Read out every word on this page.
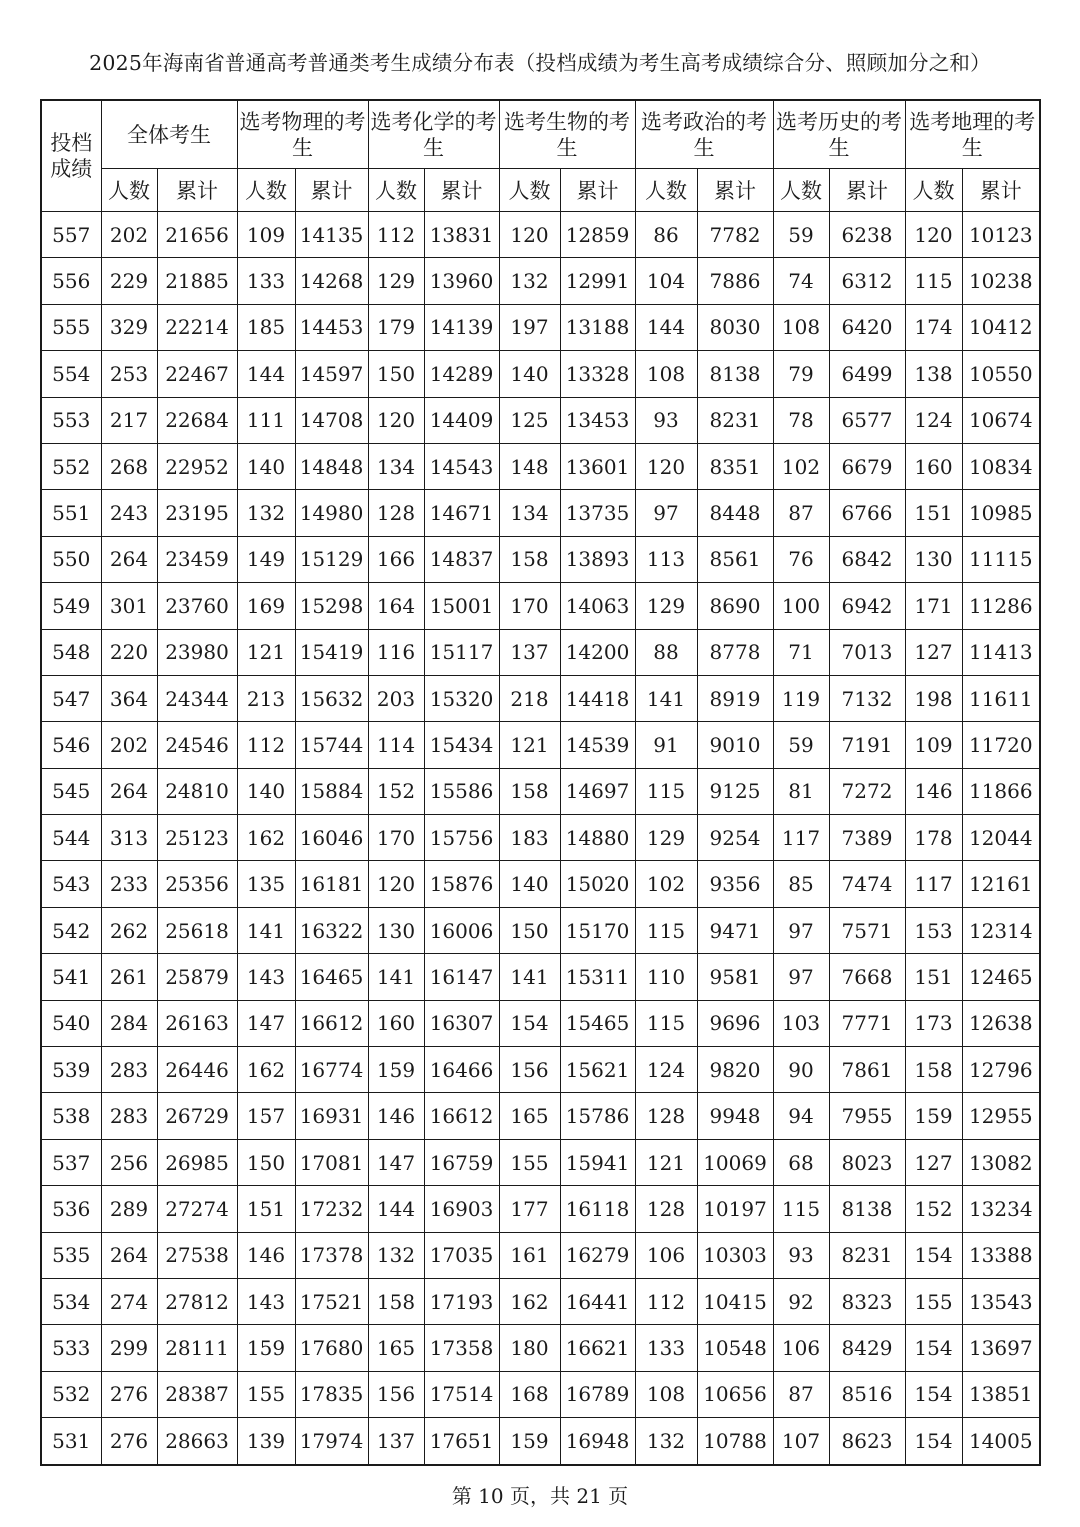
2025年海南省普通高考普通类考生成绩分布表（投档成绩为考生高考成绩综合分、照顾加分之和）
投档成绩	全体考生		选考物理的考生		选考化学的考生		选考生物的考生		选考政治的考生		选考历史的考生		选考地理的考生	
	人数	累计	人数	累计	人数	累计	人数	累计	人数	累计	人数	累计	人数	累计
557	202	21656	109	14135	112	13831	120	12859	86	7782	59	6238	120	10123
556	229	21885	133	14268	129	13960	132	12991	104	7886	74	6312	115	10238
555	329	22214	185	14453	179	14139	197	13188	144	8030	108	6420	174	10412
554	253	22467	144	14597	150	14289	140	13328	108	8138	79	6499	138	10550
553	217	22684	111	14708	120	14409	125	13453	93	8231	78	6577	124	10674
552	268	22952	140	14848	134	14543	148	13601	120	8351	102	6679	160	10834
551	243	23195	132	14980	128	14671	134	13735	97	8448	87	6766	151	10985
550	264	23459	149	15129	166	14837	158	13893	113	8561	76	6842	130	11115
549	301	23760	169	15298	164	15001	170	14063	129	8690	100	6942	171	11286
548	220	23980	121	15419	116	15117	137	14200	88	8778	71	7013	127	11413
547	364	24344	213	15632	203	15320	218	14418	141	8919	119	7132	198	11611
546	202	24546	112	15744	114	15434	121	14539	91	9010	59	7191	109	11720
545	264	24810	140	15884	152	15586	158	14697	115	9125	81	7272	146	11866
544	313	25123	162	16046	170	15756	183	14880	129	9254	117	7389	178	12044
543	233	25356	135	16181	120	15876	140	15020	102	9356	85	7474	117	12161
542	262	25618	141	16322	130	16006	150	15170	115	9471	97	7571	153	12314
541	261	25879	143	16465	141	16147	141	15311	110	9581	97	7668	151	12465
540	284	26163	147	16612	160	16307	154	15465	115	9696	103	7771	173	12638
539	283	26446	162	16774	159	16466	156	15621	124	9820	90	7861	158	12796
538	283	26729	157	16931	146	16612	165	15786	128	9948	94	7955	159	12955
537	256	26985	150	17081	147	16759	155	15941	121	10069	68	8023	127	13082
536	289	27274	151	17232	144	16903	177	16118	128	10197	115	8138	152	13234
535	264	27538	146	17378	132	17035	161	16279	106	10303	93	8231	154	13388
534	274	27812	143	17521	158	17193	162	16441	112	10415	92	8323	155	13543
533	299	28111	159	17680	165	17358	180	16621	133	10548	106	8429	154	13697
532	276	28387	155	17835	156	17514	168	16789	108	10656	87	8516	154	13851
531	276	28663	139	17974	137	17651	159	16948	132	10788	107	8623	154	14005
第 10 页，共 21 页
